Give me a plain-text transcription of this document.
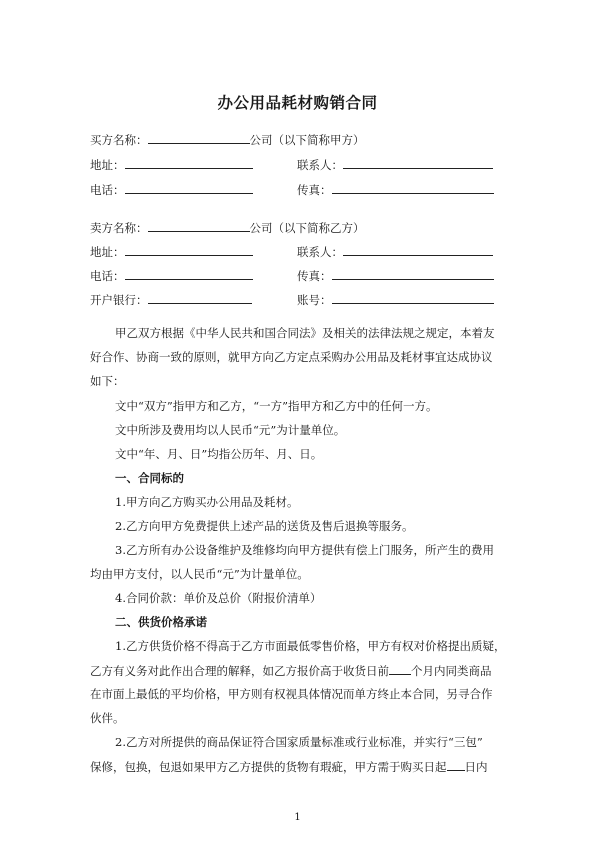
办公用品耗材购销合同
买方名称：	公司（以下简称甲方）
地址：	联系人：
电话：	传真：
卖方名称：	公司（以下简称乙方）
地址：	联系人：
电话：	传真：
开户银行：	账号：
甲乙双方根据《中华人民共和国合同法》及相关的法律法规之规定，本着友
好合作、协商一致的原则，就甲方向乙方定点采购办公用品及耗材事宜达成协议
如下：
文中“双方”指甲方和乙方，“一方”指甲方和乙方中的任何一方。
文中所涉及费用均以人民币“元”为计量单位。
文中“年、月、日”均指公历年、月、日。
一、合同标的
1.甲方向乙方购买办公用品及耗材。
2.乙方向甲方免费提供上述产品的送货及售后退换等服务。
3.乙方所有办公设备维护及维修均向甲方提供有偿上门服务，所产生的费用
均由甲方支付，以人民币“元”为计量单位。
4.合同价款：单价及总价（附报价清单）
二、供货价格承诺
1.乙方供货价格不得高于乙方市面最低零售价格，甲方有权对价格提出质疑，
乙方有义务对此作出合理的解释，如乙方报价高于收货日前 个月内同类商品
在市面上最低的平均价格，甲方则有权视具体情况而单方终止本合同，另寻合作
伙伴。
2.乙方对所提供的商品保证符合国家质量标准或行业标准，并实行“三包”
保修，包换，包退如果甲方乙方提供的货物有瑕疵，甲方需于购买日起 日内
1
